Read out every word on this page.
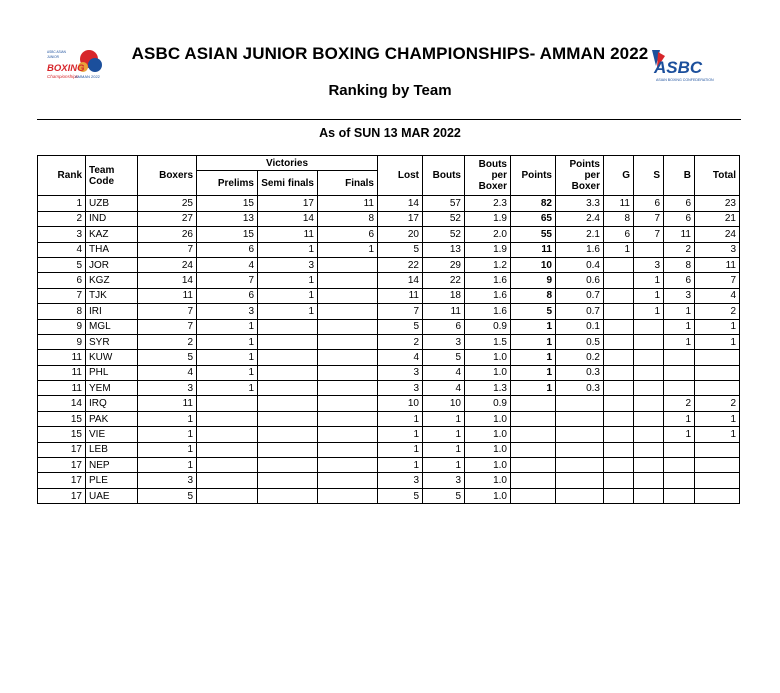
ASBC ASIAN
JUNIOR
BOXING
Championships
AMMAN 2022	ASBC
ASIAN BOXING CONFEDERATION
ASBC ASIAN JUNIOR BOXING CHAMPIONSHIPS- AMMAN 2022
Ranking by Team
As of SUN 13 MAR 2022
Rank	Team Code	Boxers	Victories			Lost	Bouts	Bouts per Boxer	Points	Points per Boxer	G	S	B	Total
			Prelims	Semi finals	Finals									
1	UZB	25	15	17	11	14	57	2.3	82	3.3	11	6	6	23
2	IND	27	13	14	8	17	52	1.9	65	2.4	8	7	6	21
3	KAZ	26	15	11	6	20	52	2.0	55	2.1	6	7	11	24
4	THA	7	6	1	1	5	13	1.9	11	1.6	1		2	3
5	JOR	24	4	3		22	29	1.2	10	0.4		3	8	11
6	KGZ	14	7	1		14	22	1.6	9	0.6		1	6	7
7	TJK	11	6	1		11	18	1.6	8	0.7		1	3	4
8	IRI	7	3	1		7	11	1.6	5	0.7		1	1	2
9	MGL	7	1			5	6	0.9	1	0.1			1	1
9	SYR	2	1			2	3	1.5	1	0.5			1	1
11	KUW	5	1			4	5	1.0	1	0.2				
11	PHL	4	1			3	4	1.0	1	0.3				
11	YEM	3	1			3	4	1.3	1	0.3				
14	IRQ	11				10	10	0.9					2	2
15	PAK	1				1	1	1.0					1	1
15	VIE	1				1	1	1.0					1	1
17	LEB	1				1	1	1.0						
17	NEP	1				1	1	1.0						
17	PLE	3				3	3	1.0						
17	UAE	5				5	5	1.0						
